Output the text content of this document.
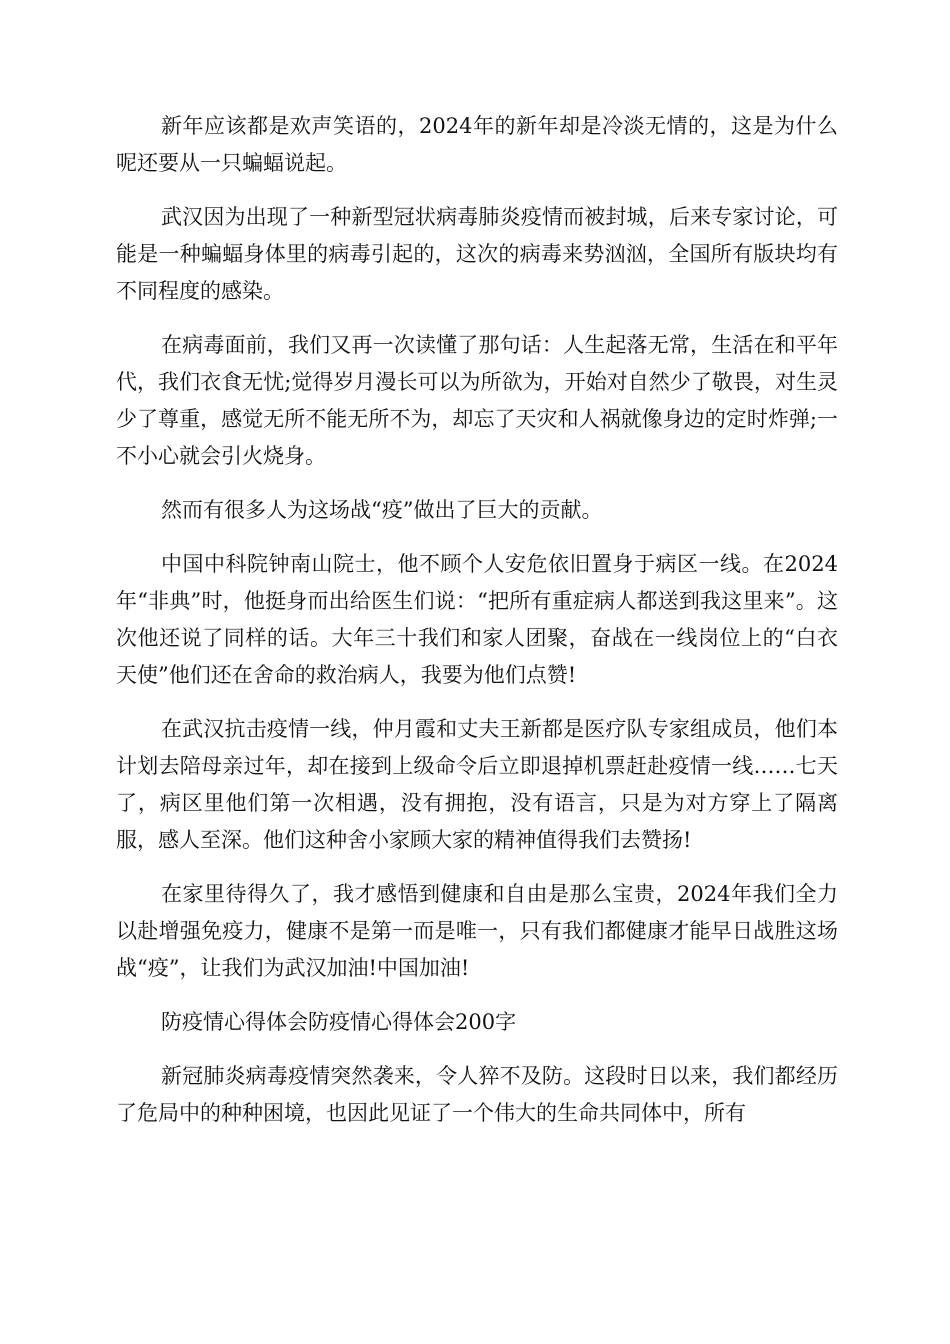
新年应该都是欢声笑语的，2024年的新年却是冷淡无情的，这是为什么呢还要从一只蝙蝠说起。

武汉因为出现了一种新型冠状病毒肺炎疫情而被封城，后来专家讨论，可能是一种蝙蝠身体里的病毒引起的，这次的病毒来势汹汹，全国所有版块均有不同程度的感染。

在病毒面前，我们又再一次读懂了那句话：人生起落无常，生活在和平年代，我们衣食无忧;觉得岁月漫长可以为所欲为，开始对自然少了敬畏，对生灵少了尊重，感觉无所不能无所不为，却忘了天灾和人祸就像身边的定时炸弹;一不小心就会引火烧身。

然而有很多人为这场战“疫”做出了巨大的贡献。

中国中科院钟南山院士，他不顾个人安危依旧置身于病区一线。在2024年“非典”时，他挺身而出给医生们说：“把所有重症病人都送到我这里来”。这次他还说了同样的话。大年三十我们和家人团聚，奋战在一线岗位上的“白衣天使”他们还在舍命的救治病人，我要为他们点赞!

在武汉抗击疫情一线，仲月霞和丈夫王新都是医疗队专家组成员，他们本计划去陪母亲过年，却在接到上级命令后立即退掉机票赶赴疫情一线……七天了，病区里他们第一次相遇，没有拥抱，没有语言，只是为对方穿上了隔离服，感人至深。他们这种舍小家顾大家的精神值得我们去赞扬!

在家里待得久了，我才感悟到健康和自由是那么宝贵，2024年我们全力以赴增强免疫力，健康不是第一而是唯一，只有我们都健康才能早日战胜这场战“疫”，让我们为武汉加油!中国加油!

防疫情心得体会防疫情心得体会200字

新冠肺炎病毒疫情突然袭来，令人猝不及防。这段时日以来，我们都经历了危局中的种种困境，也因此见证了一个伟大的生命共同体中，所有
